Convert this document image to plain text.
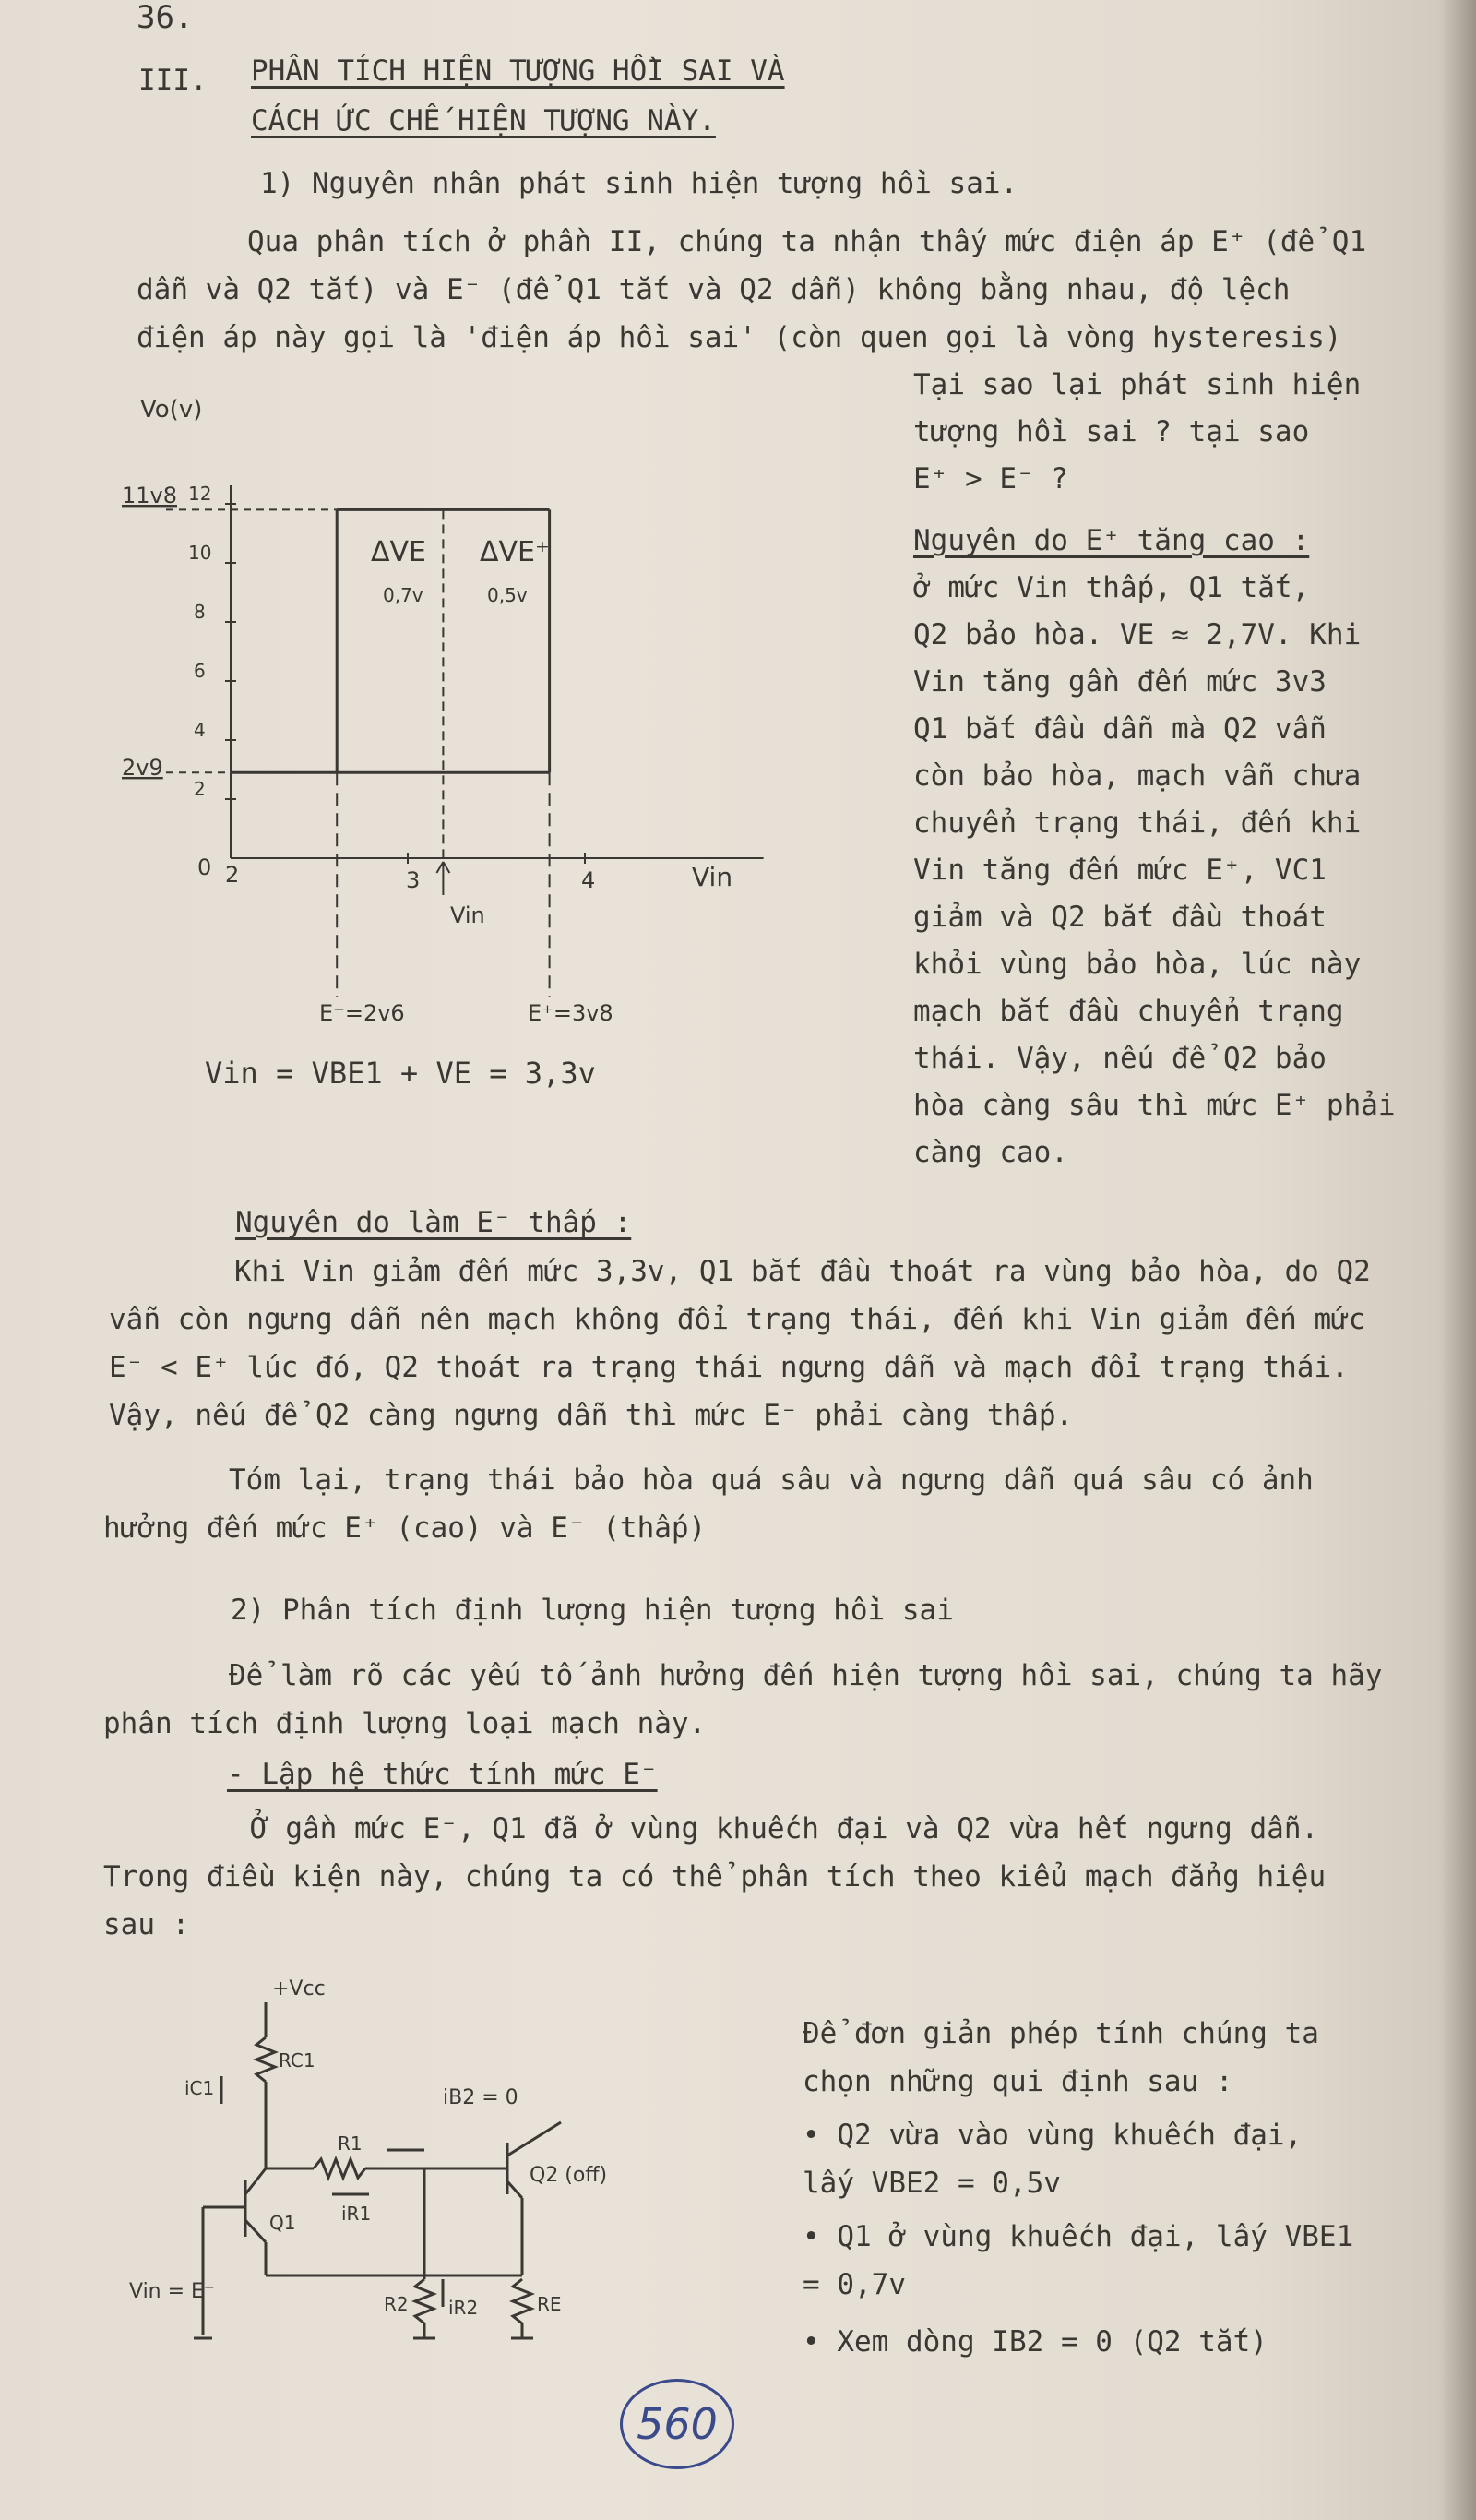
36.
III. PHÂN TÍCH HIỆN TƯỢNG HỒI SAI VÀ
CÁCH ỨC CHẾ HIỆN TƯỢNG NÀY.
1) Nguyên nhân phát sinh hiện tượng hồi sai.
Qua phân tích ở phần II, chúng ta nhận thấy mức điện áp E⁺ (để Q1 dẫn và Q2 tắt) và E⁻ (để Q1 tắt và Q2 dẫn) không bằng nhau, độ lệch điện áp này gọi là 'điện áp hồi sai' (còn quen gọi là vòng hysteresis)
Vo(v)
Vin
12
10
8
6
4
2
0 2	3	4
11v8
2v9
ΔVE ΔVE⁺
0,7v	0,5v
Vin
E⁻=2v6	E⁺=3v8
Vin = VBE1 + VE = 3,3v
Tại sao lại phát sinh hiện
tượng hồi sai ? tại sao
E⁺ > E⁻ ?
Nguyên do E⁺ tăng cao :
ở mức Vin thấp, Q1 tắt,
Q2 bảo hòa. VE ≈ 2,7V. Khi
Vin tăng gần đến mức 3v3
Q1 bắt đầu dẫn mà Q2 vẫn
còn bảo hòa, mạch vẫn chưa
chuyển trạng thái, đến khi
Vin tăng đến mức E⁺, VC1
giảm và Q2 bắt đầu thoát
khỏi vùng bảo hòa, lúc này
mạch bắt đầu chuyển trạng
thái. Vậy, nếu để Q2 bảo
hòa càng sâu thì mức E⁺ phải
càng cao.
Nguyên do làm E⁻ thấp :
Khi Vin giảm đến mức 3,3v, Q1 bắt đầu thoát ra vùng bảo hòa, do Q2 vẫn còn ngưng dẫn nên mạch không đổi trạng thái, đến khi Vin giảm đến mức E⁻ < E⁺ lúc đó, Q2 thoát ra trạng thái ngưng dẫn và mạch đổi trạng thái. Vậy, nếu để Q2 càng ngưng dẫn thì mức E⁻ phải càng thấp.
Tóm lại, trạng thái bảo hòa quá sâu và ngưng dẫn quá sâu có ảnh hưởng đến mức E⁺ (cao) và E⁻ (thấp)
2) Phân tích định lượng hiện tượng hồi sai
Để làm rõ các yếu tố ảnh hưởng đến hiện tượng hồi sai, chúng ta hãy phân tích định lượng loại mạch này.
- Lập hệ thức tính mức E⁻
Ở gần mức E⁻, Q1 đã ở vùng khuếch đại và Q2 vừa hết ngưng dẫn. Trong điều kiện này, chúng ta có thể phân tích theo kiểu mạch đẳng hiệu sau :
+Vcc
RC1
iC1
R1
iR1
iB2 = 0
Q1
Q2 (off)
Vin = E⁻
R2 iR2	RE
Để đơn giản phép tính chúng ta chọn những qui định sau :
• Q2 vừa vào vùng khuếch đại, lấy VBE2 = 0,5v
• Q1 ở vùng khuếch đại, lấy VBE1 = 0,7v
• Xem dòng IB2 = 0 (Q2 tắt)
560
